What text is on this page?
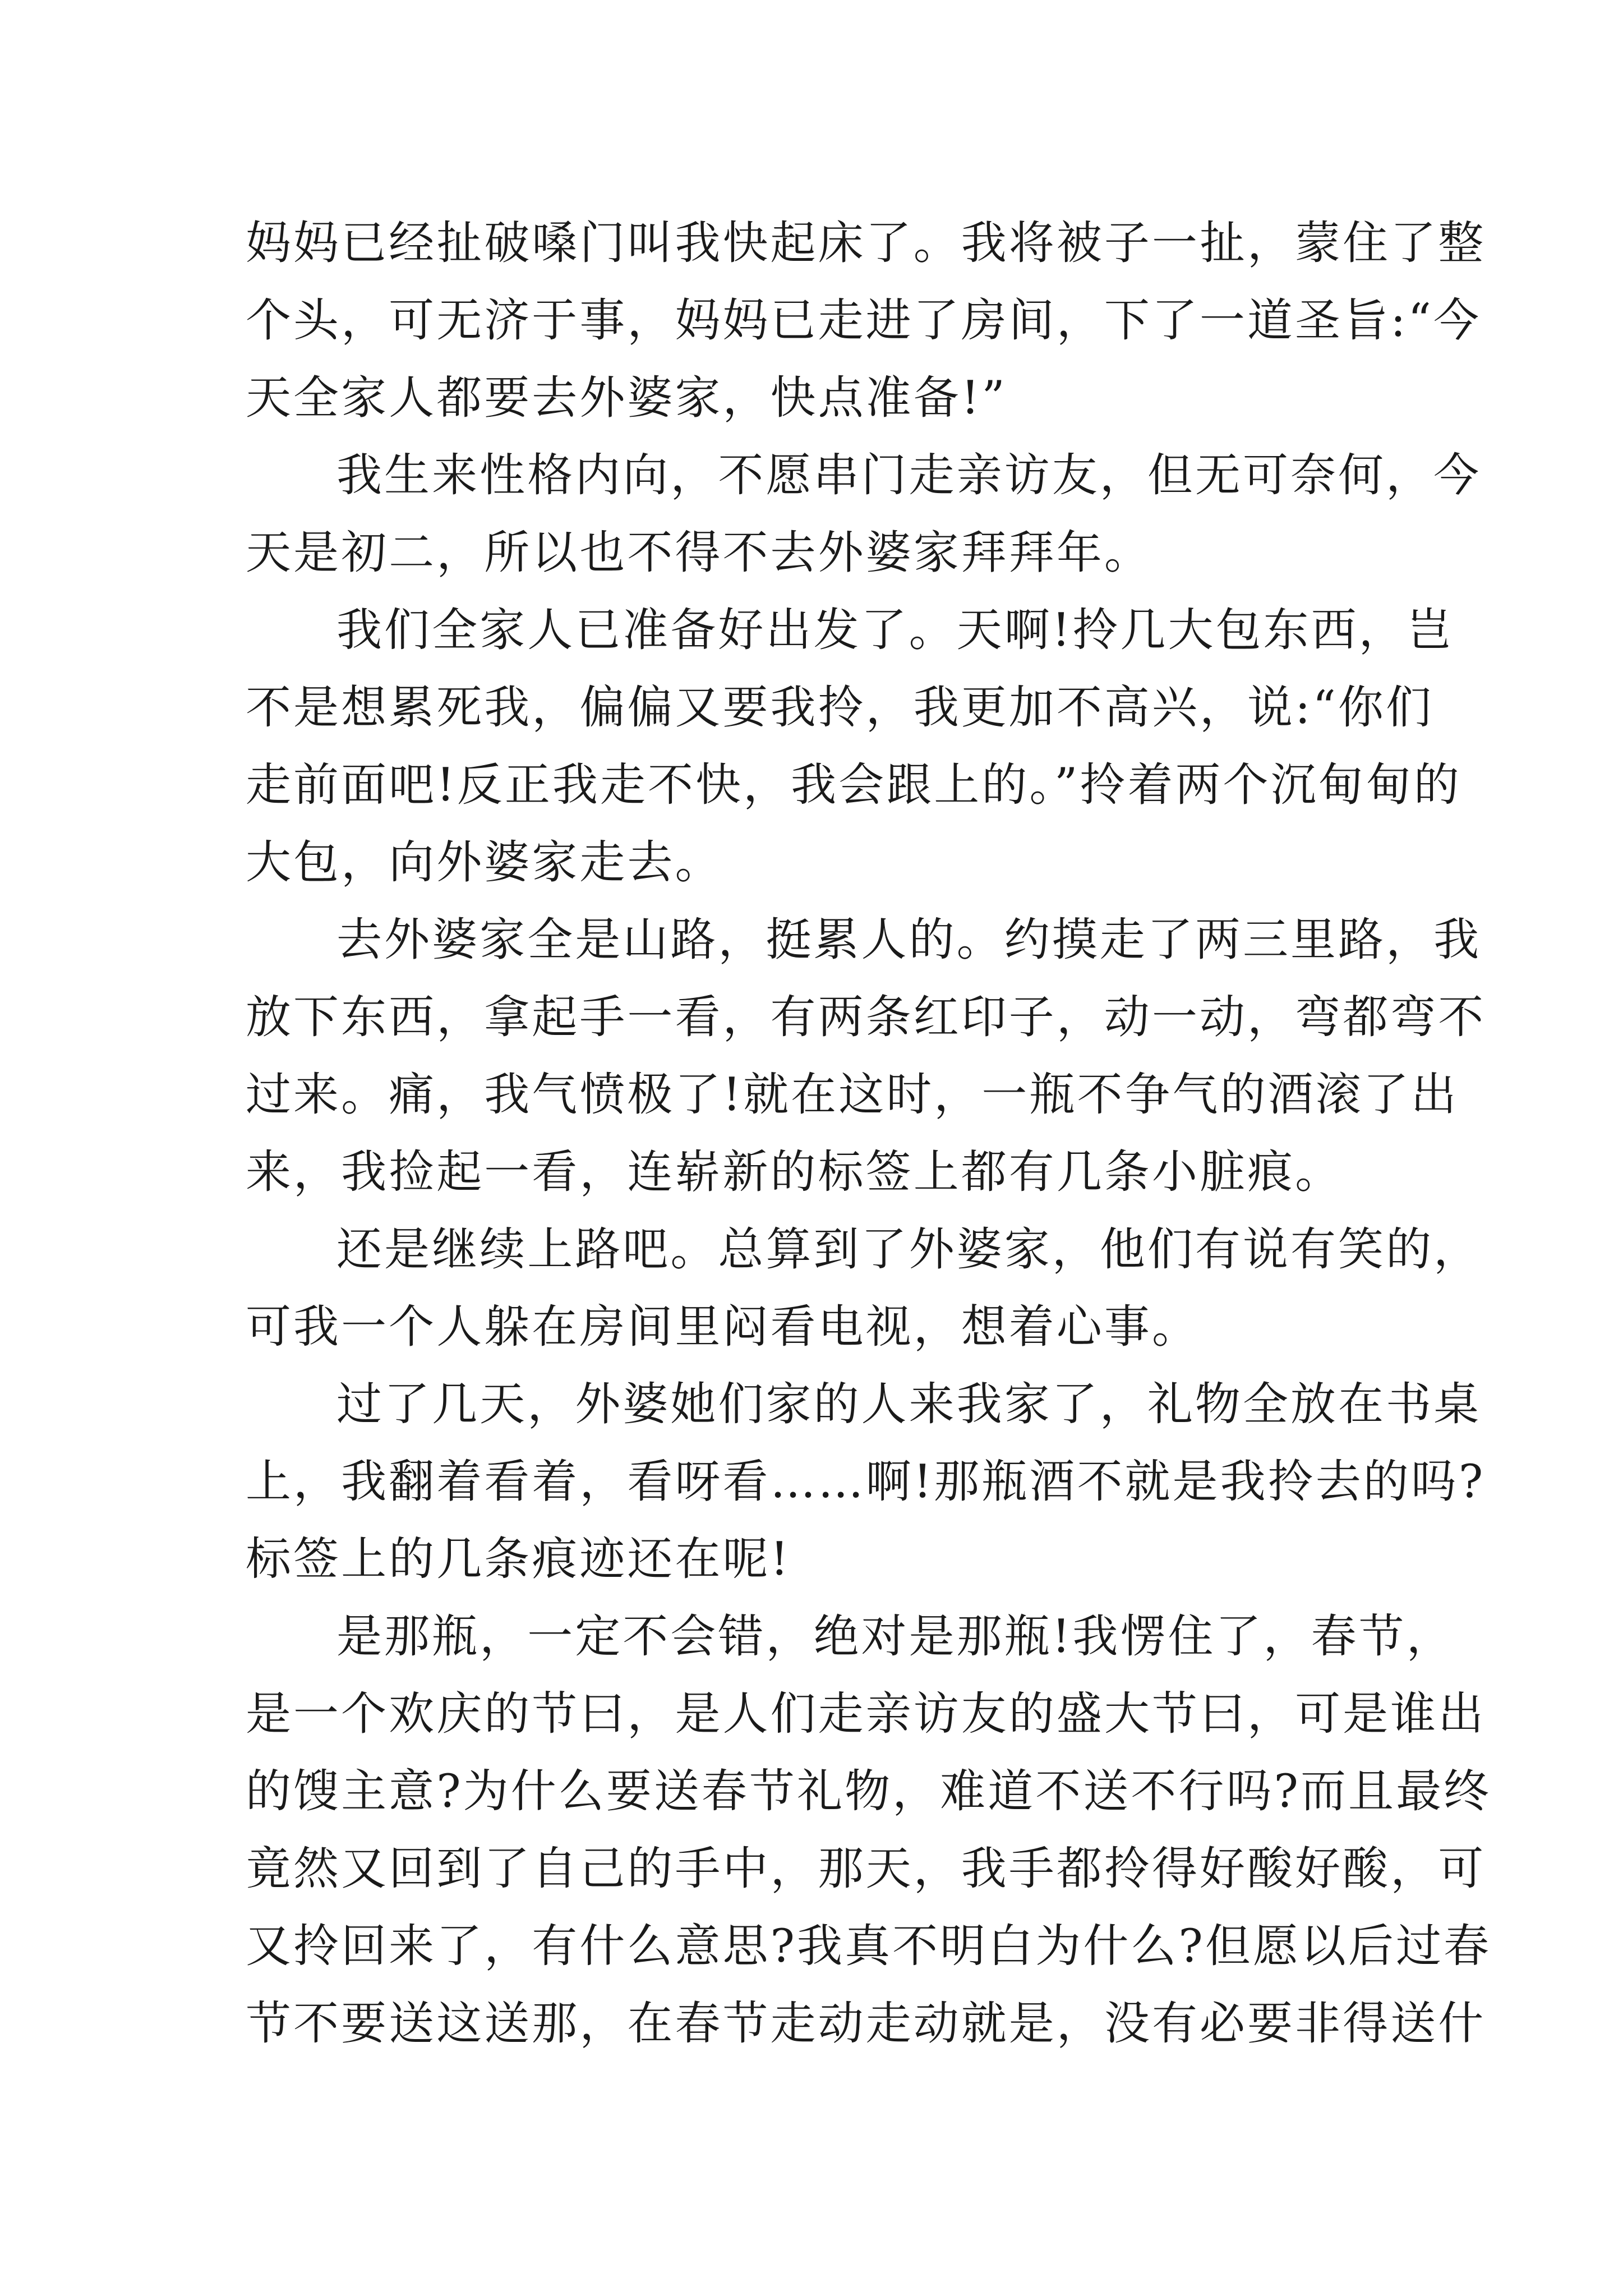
妈妈已经扯破嗓门叫我快起床了。我将被子一扯，蒙住了整
个头，可无济于事，妈妈已走进了房间，下了一道圣旨:“今
天全家人都要去外婆家，快点准备!”
我生来性格内向，不愿串门走亲访友，但无可奈何，今
天是初二，所以也不得不去外婆家拜拜年。
我们全家人已准备好出发了。天啊!拎几大包东西，岂
不是想累死我，偏偏又要我拎，我更加不高兴，说:“你们
走前面吧!反正我走不快，我会跟上的。”拎着两个沉甸甸的
大包，向外婆家走去。
去外婆家全是山路，挺累人的。约摸走了两三里路，我
放下东西，拿起手一看，有两条红印子，动一动，弯都弯不
过来。痛，我气愤极了!就在这时，一瓶不争气的酒滚了出
来，我捡起一看，连崭新的标签上都有几条小脏痕。
还是继续上路吧。总算到了外婆家，他们有说有笑的，
可我一个人躲在房间里闷看电视，想着心事。
过了几天，外婆她们家的人来我家了，礼物全放在书桌
上，我翻着看着，看呀看……啊!那瓶酒不就是我拎去的吗?
标签上的几条痕迹还在呢!
是那瓶，一定不会错，绝对是那瓶!我愣住了，春节，
是一个欢庆的节曰，是人们走亲访友的盛大节曰，可是谁出
的馊主意?为什么要送春节礼物，难道不送不行吗?而且最终
竟然又回到了自己的手中，那天，我手都拎得好酸好酸，可
又拎回来了，有什么意思?我真不明白为什么?但愿以后过春
节不要送这送那，在春节走动走动就是，没有必要非得送什
